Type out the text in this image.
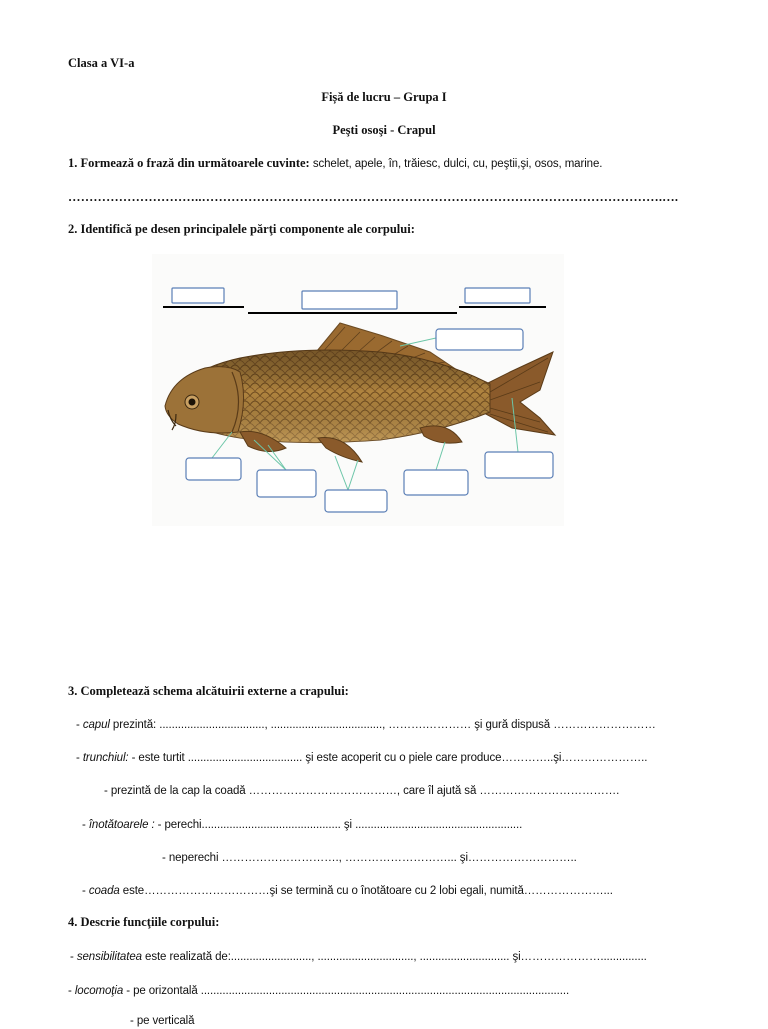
Clasa a VI-a
Fișă de lucru – Grupa I
Peşti osoşi - Crapul
1. Formează o frază din următoarele cuvinte: schelet, apele, în, trăiesc, dulci, cu, peştii,şi, osos, marine.
…………………………..……………………………………………………………………………………………….….
2. Identifică pe desen principalele părţi componente ale corpului:
3. Completează schema alcătuirii externe a crapului:
- capul prezintă: .................................., ...................................., ……….………… şi gură dispusă ………………………
- trunchiul: - este turtit ..................................... şi este acoperit cu o piele care produce…………..şi…………………..
- prezintă de la cap la coadă …………………………………, care îl ajută să ……………………………….
- înotătoarele : - perechi............................................. şi ......................................................
- neperechi …………………………., ………………………... şi………………………..
- coada este……………………………şi se termină cu o înotătoare cu 2 lobi egali, numită…………………...
4. Descrie funcţiile corpului:
- sensibilitatea este realizată de:.........................., ..............................., ............................. şi…………………...............
- locomoţia - pe orizontală .......................................................................................................................
- pe verticală
